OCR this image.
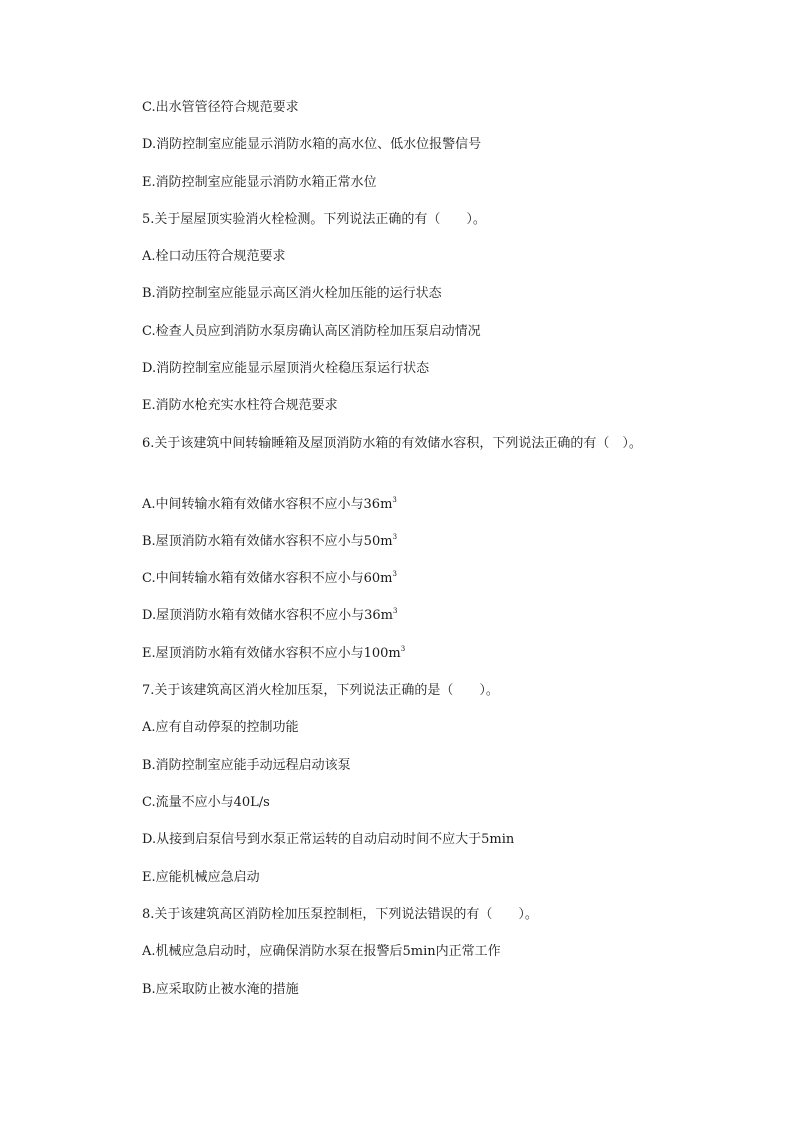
C.出水管管径符合规范要求
D.消防控制室应能显示消防水箱的高水位、低水位报警信号
E.消防控制室应能显示消防水箱正常水位
5.关于屋屋顶实验消火栓检测。下列说法正确的有（　　）。
A.栓口动压符合规范要求
B.消防控制室应能显示高区消火栓加压能的运行状态
C.检查人员应到消防水泵房确认高区消防栓加压泵启动情况
D.消防控制室应能显示屋顶消火栓稳压泵运行状态
E.消防水枪充实水柱符合规范要求
6.关于该建筑中间转输睡箱及屋顶消防水箱的有效储水容积，下列说法正确的有（　）。
A.中间转输水箱有效储水容积不应小与$36m^3$
B.屋顶消防水箱有效储水容积不应小与$50m^3$
C.中间转输水箱有效储水容积不应小与$60m^3$
D.屋顶消防水箱有效储水容积不应小与$36m^3$
E.屋顶消防水箱有效储水容积不应小与$100m^3$
7.关于该建筑高区消火栓加压泵，下列说法正确的是（　　）。
A.应有自动停泵的控制功能
B.消防控制室应能手动远程启动该泵
C.流量不应小与40L/s
D.从接到启泵信号到水泵正常运转的自动启动时间不应大于5min
E.应能机械应急启动
8.关于该建筑高区消防栓加压泵控制柜，下列说法错误的有（　　）。
A.机械应急启动时，应确保消防水泵在报警后5min内正常工作
B.应采取防止被水淹的措施
